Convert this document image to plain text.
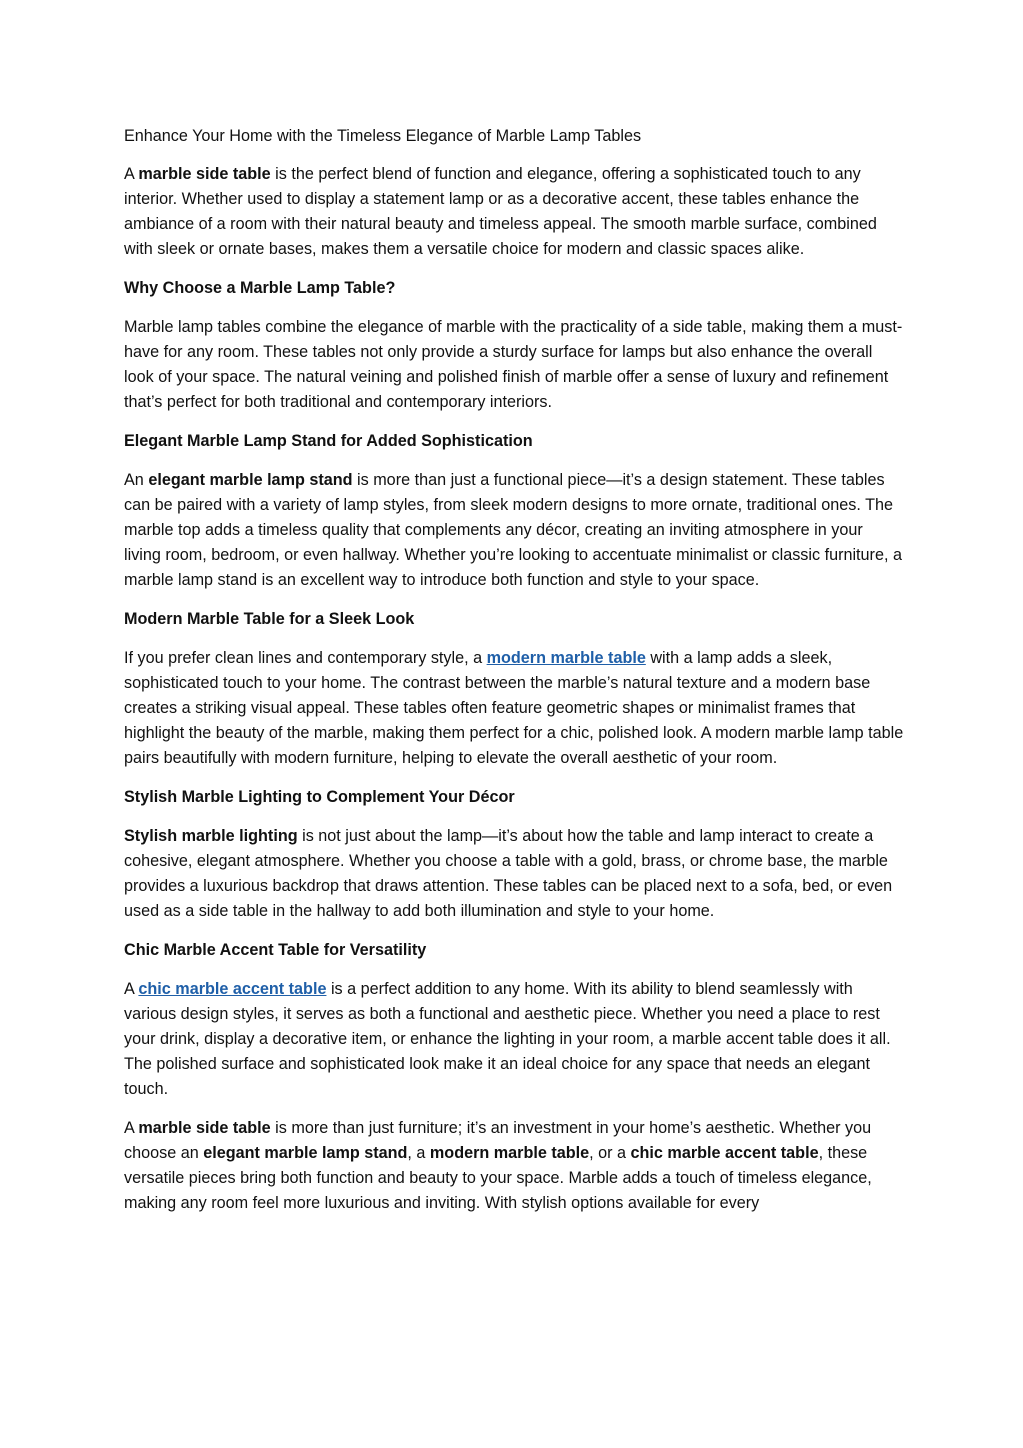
Enhance Your Home with the Timeless Elegance of Marble Lamp Tables

A marble side table is the perfect blend of function and elegance, offering a sophisticated touch to any interior. Whether used to display a statement lamp or as a decorative accent, these tables enhance the ambiance of a room with their natural beauty and timeless appeal. The smooth marble surface, combined with sleek or ornate bases, makes them a versatile choice for modern and classic spaces alike.

Why Choose a Marble Lamp Table?

Marble lamp tables combine the elegance of marble with the practicality of a side table, making them a must-have for any room. These tables not only provide a sturdy surface for lamps but also enhance the overall look of your space. The natural veining and polished finish of marble offer a sense of luxury and refinement that’s perfect for both traditional and contemporary interiors.

Elegant Marble Lamp Stand for Added Sophistication

An elegant marble lamp stand is more than just a functional piece—it’s a design statement. These tables can be paired with a variety of lamp styles, from sleek modern designs to more ornate, traditional ones. The marble top adds a timeless quality that complements any décor, creating an inviting atmosphere in your living room, bedroom, or even hallway. Whether you’re looking to accentuate minimalist or classic furniture, a marble lamp stand is an excellent way to introduce both function and style to your space.

Modern Marble Table for a Sleek Look

If you prefer clean lines and contemporary style, a modern marble table with a lamp adds a sleek, sophisticated touch to your home. The contrast between the marble’s natural texture and a modern base creates a striking visual appeal. These tables often feature geometric shapes or minimalist frames that highlight the beauty of the marble, making them perfect for a chic, polished look. A modern marble lamp table pairs beautifully with modern furniture, helping to elevate the overall aesthetic of your room.

Stylish Marble Lighting to Complement Your Décor

Stylish marble lighting is not just about the lamp—it’s about how the table and lamp interact to create a cohesive, elegant atmosphere. Whether you choose a table with a gold, brass, or chrome base, the marble provides a luxurious backdrop that draws attention. These tables can be placed next to a sofa, bed, or even used as a side table in the hallway to add both illumination and style to your home.

Chic Marble Accent Table for Versatility

A chic marble accent table is a perfect addition to any home. With its ability to blend seamlessly with various design styles, it serves as both a functional and aesthetic piece. Whether you need a place to rest your drink, display a decorative item, or enhance the lighting in your room, a marble accent table does it all. The polished surface and sophisticated look make it an ideal choice for any space that needs an elegant touch.

A marble side table is more than just furniture; it’s an investment in your home’s aesthetic. Whether you choose an elegant marble lamp stand, a modern marble table, or a chic marble accent table, these versatile pieces bring both function and beauty to your space. Marble adds a touch of timeless elegance, making any room feel more luxurious and inviting. With stylish options available for every
